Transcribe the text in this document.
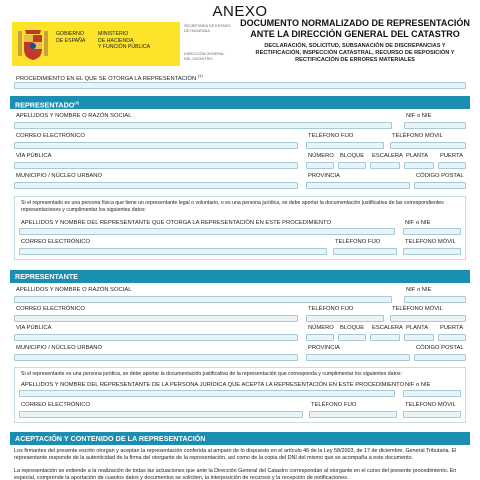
ANEXO
GOBIERNO
DE ESPAÑA
MINISTERIO
DE HACIENDA
Y FUNCIÓN PÚBLICA
SECRETARÍA DE ESTADO
DE HACIENDA
DIRECCIÓN GENERAL
DEL CATASTRO
DOCUMENTO NORMALIZADO DE REPRESENTACIÓN
ANTE LA DIRECCIÓN GENERAL DEL CATASTRO
DECLARACIÓN, SOLICITUD, SUBSANACIÓN DE DISCREPANCIAS Y RECTIFICACIÓN, INSPECCIÓN CATASTRAL, RECURSO DE REPOSICIÓN Y RECTIFICACIÓN DE ERRORES MATERIALES
PROCEDIMIENTO EN EL QUE SE OTORGA LA REPRESENTACIÓN $^{(1)}$
REPRESENTADO$^{(2)}$
APELLIDOS Y NOMBRE O RAZÓN SOCIAL	NIF o NIE
CORREO ELECTRÓNICO	TELÉFONO FIJO	TELÉFONO MÓVIL
VÍA PÚBLICA	NÚMERO BLOQUE ESCALERA PLANTA PUERTA
MUNICIPIO / NÚCLEO URBANO	PROVINCIA	CÓDIGO POSTAL
Si el representado es una persona física que tiene un representante legal o voluntario, o es una persona jurídica, se debe aportar la documentación justificativa de las correspondientes representaciones y cumplimentar los siguientes datos:
APELLIDOS Y NOMBRE DEL REPRESENTANTE QUE OTORGA LA REPRESENTACIÓN EN ESTE PROCEDIMIENTO	NIF o NIE
CORREO ELECTRÓNICO	TELÉFONO FIJO	TELÉFONO MÓVIL
REPRESENTANTE
APELLIDOS Y NOMBRE O RAZÓN SOCIAL	NIF o NIE
CORREO ELECTRÓNICO	TELÉFONO FIJO	TELÉFONO MÓVIL
VÍA PÚBLICA	NÚMERO BLOQUE ESCALERA PLANTA PUERTA
MUNICIPIO / NÚCLEO URBANO	PROVINCIA	CÓDIGO POSTAL
Si el representante es una persona jurídica, se debe aportar la documentación justificativa de la representación que corresponda y cumplimentar los siguientes datos:
APELLIDOS Y NOMBRE DEL REPRESENTANTE DE LA PERSONA JURÍDICA QUE ACEPTA LA REPRESENTACIÓN EN ESTE PROCEDIMIENTO NIF o NIE
CORREO ELECTRÓNICO	TELÉFONO FIJO	TELÉFONO MÓVIL
ACEPTACIÓN Y CONTENIDO DE LA REPRESENTACIÓN
Los firmantes del presente escrito otorgan y aceptan la representación conferida al amparo de lo dispuesto en el artículo 46 de la Ley 58/2003, de 17 de diciembre, General Tributaria. El representante responde de la autenticidad de la firma del otorgante de la representación, así como de la copia del DNI del mismo que se acompaña a este documento.
La representación se extiende a la realización de todas las actuaciones que ante la Dirección General del Catastro correspondan al otorgante en el curso del presente procedimiento. En especial, comprende la aportación de cuantos datos y documentos se soliciten, la interposición de recursos y la recepción de notificaciones.
